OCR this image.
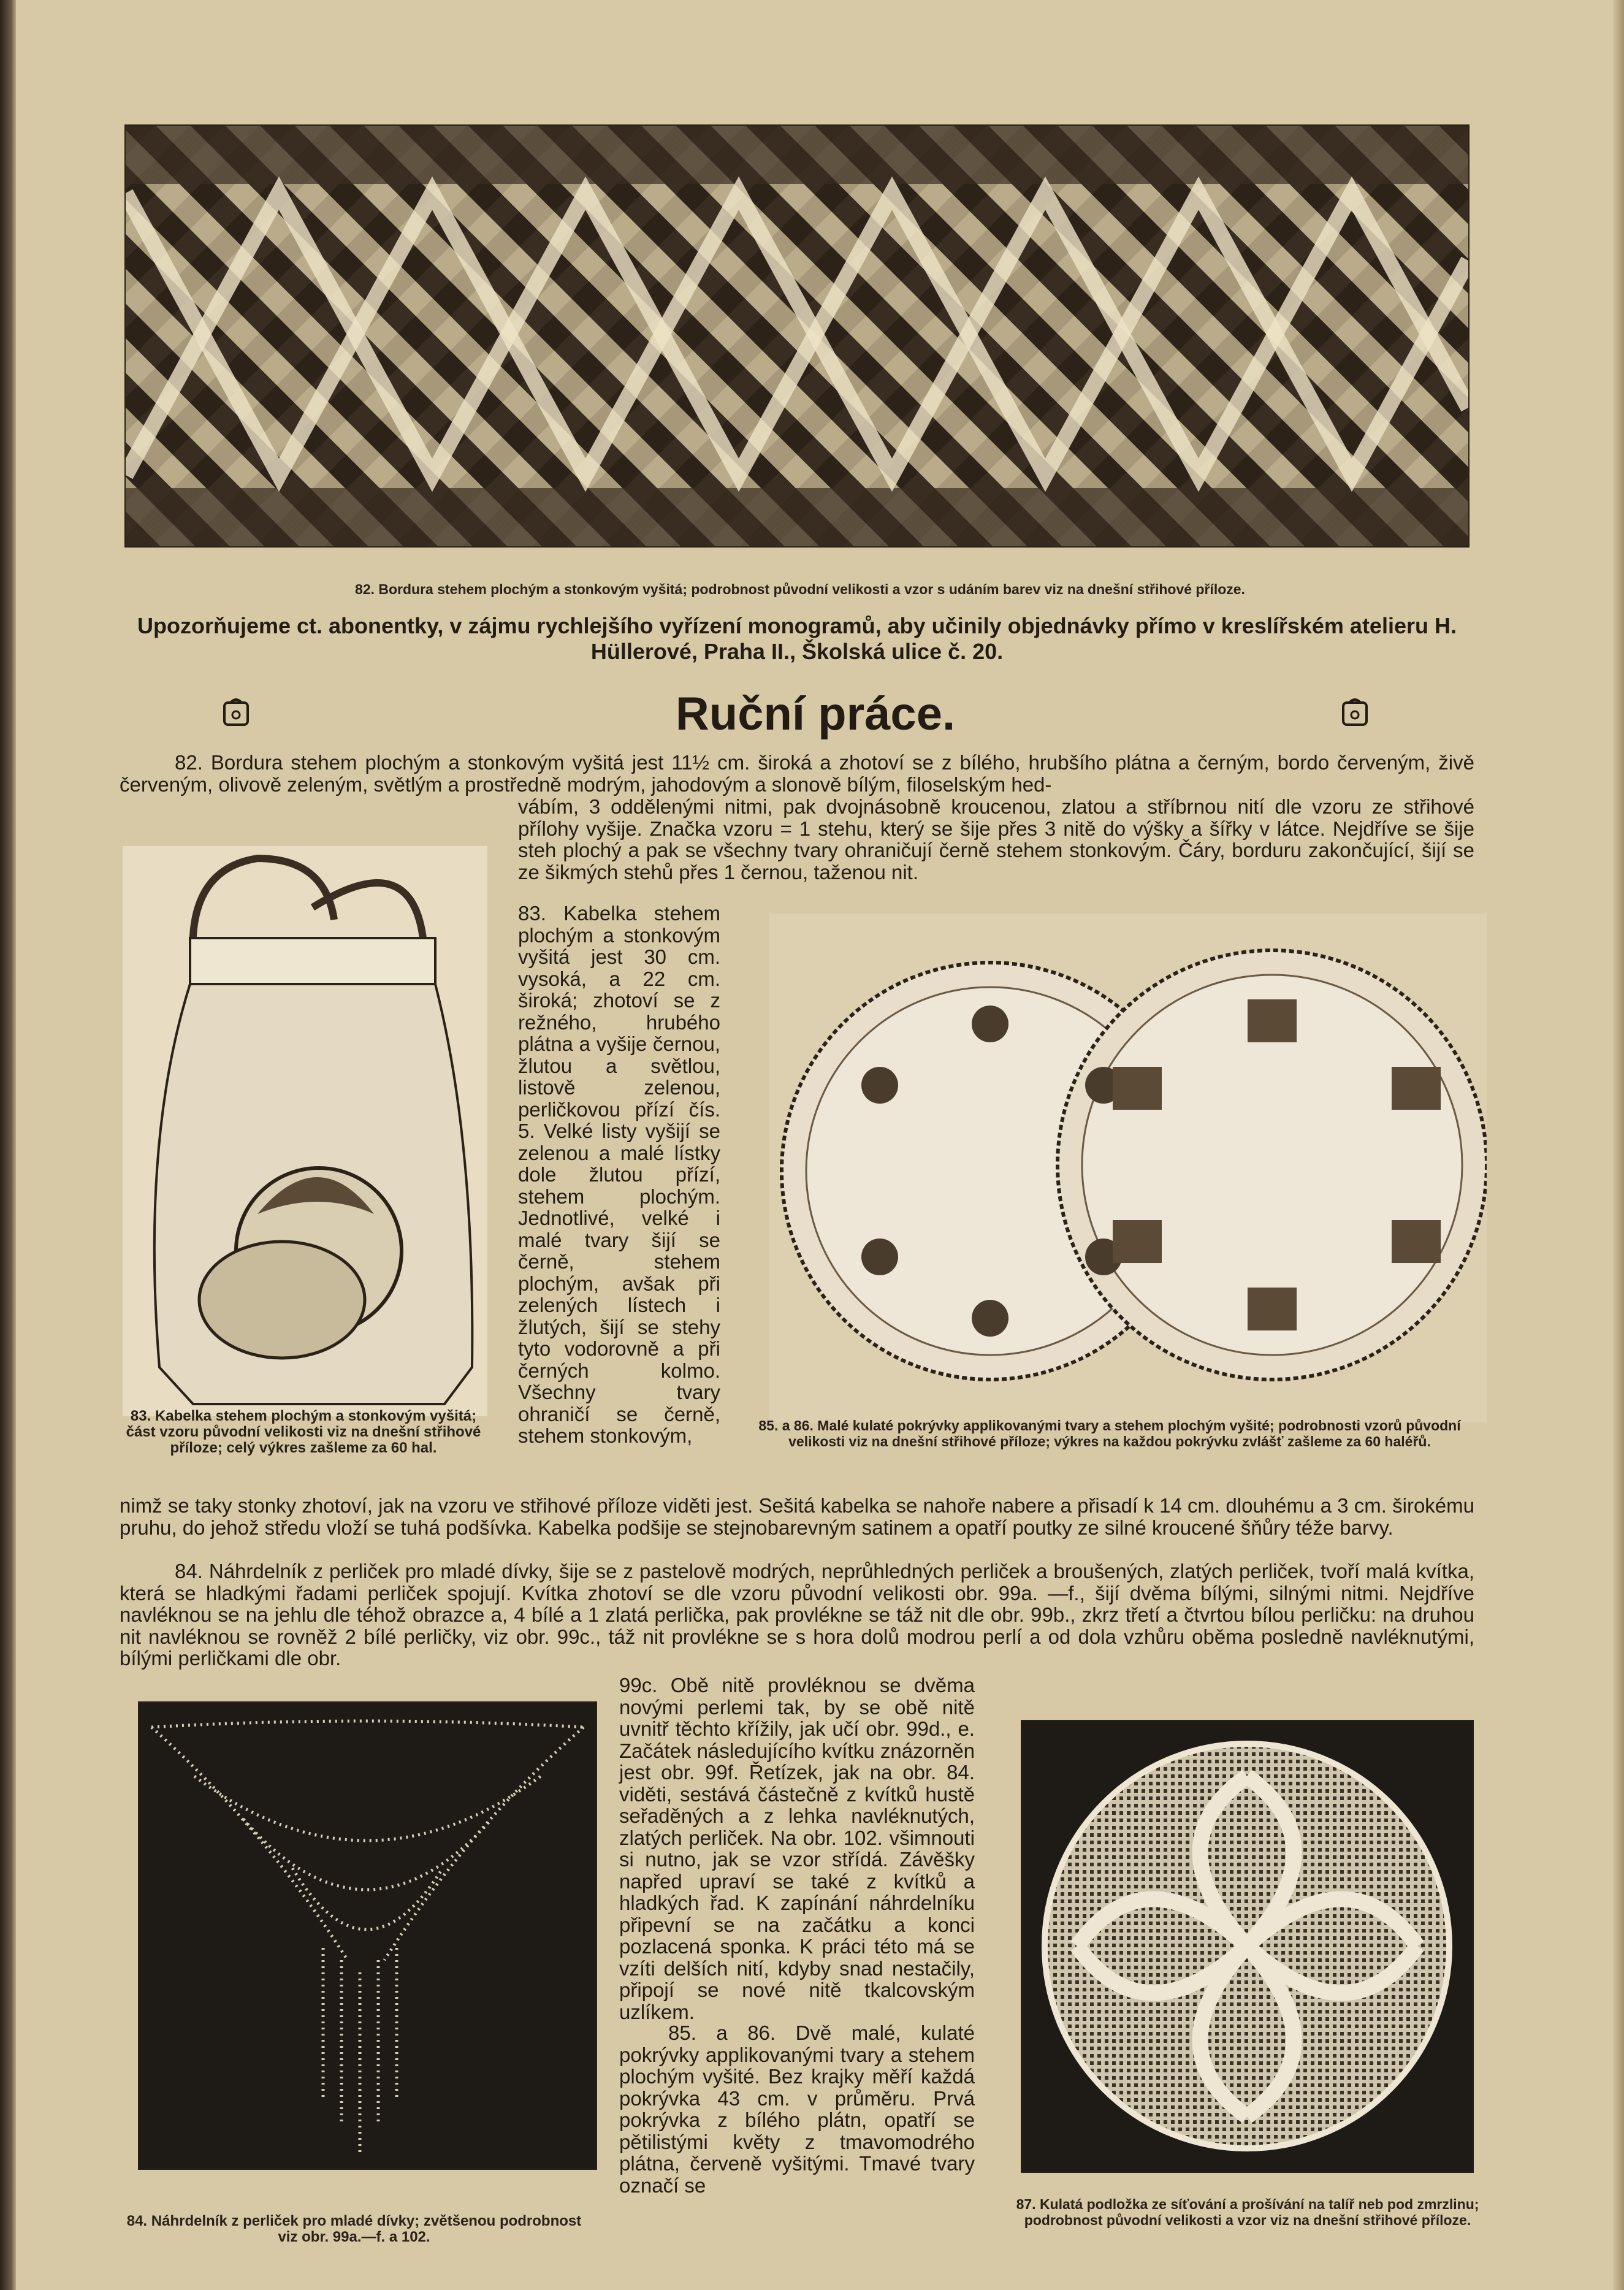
82. Bordura stehem plochým a stonkovým vyšitá; podrobnost původní velikosti a vzor s udáním barev viz na dnešní střihové příloze.
Upozorňujeme ct. abonentky, v zájmu rychlejšího vyřízení monogramů, aby učinily objednávky přímo v kreslířském atelieru H. Hüllerové, Praha II., Školská ulice č. 20.
Ruční práce.
82. Bordura stehem plochým a stonkovým vyšitá jest 11½ cm. široká a zhotoví se z bílého, hrubšího plátna a černým, bordo červeným, živě červeným, olivově zeleným, světlým a prostředně modrým, jahodovým a slonově bílým, filoselským hed-
vábím, 3 oddělenými nitmi, pak dvojnásobně kroucenou, zlatou a stříbrnou nití dle vzoru ze střihové přílohy vyšije. Značka vzoru = 1 stehu, který se šije přes 3 nitě do výšky a šířky v látce. Nejdříve se šije steh plochý a pak se všechny tvary ohraničují černě stehem stonkovým. Čáry, borduru zakončující, šijí se ze šikmých stehů přes 1 černou, taženou nit.
83. Kabelka stehem plochým a stonkovým vyšitá; část vzoru původní velikosti viz na dnešní střihové příloze; celý výkres zašleme za 60 hal.
83. Kabelka stehem plochým a stonkovým vyšitá jest 30 cm. vysoká, a 22 cm. široká; zhotoví se z režného, hrubého plátna a vyšije černou, žlutou a světlou, listově zelenou, perličkovou přízí čís. 5. Velké listy vyšijí se zelenou a malé lístky dole žlutou přízí, stehem plochým. Jednotlivé, velké i malé tvary šijí se černě, stehem plochým, avšak při zelených lístech i žlutých, šijí se stehy tyto vodorovně a při černých kolmo. Všechny tvary ohraničí se černě, stehem stonkovým,	85. a 86. Malé kulaté pokrývky applikovanými tvary a stehem plochým vyšité; podrobnosti vzorů původní velikosti viz na dnešní střihové příloze; výkres na každou pokrývku zvlášť zašleme za 60 haléřů.
nimž se taky stonky zhotoví, jak na vzoru ve střihové příloze viděti jest. Sešitá kabelka se nahoře nabere a přisadí k 14 cm. dlouhému a 3 cm. širokému pruhu, do jehož středu vloží se tuhá podšívka. Kabelka podšije se stejnobarevným satinem a opatří poutky ze silné kroucené šňůry téže barvy.
84. Náhrdelník z perliček pro mladé dívky, šije se z pastelově modrých, neprůhledných perliček a broušených, zlatých perliček, tvoří malá kvítka, která se hladkými řadami perliček spojují. Kvítka zhotoví se dle vzoru původní velikosti obr. 99a. —f., šijí dvěma bílými, silnými nitmi. Nejdříve navléknou se na jehlu dle téhož obrazce a, 4 bílé a 1 zlatá perlička, pak provlékne se táž nit dle obr. 99b., zkrz třetí a čtvrtou bílou perličku: na druhou nit navléknou se rovněž 2 bílé perličky, viz obr. 99c., táž nit provlékne se s hora dolů modrou perlí a od dola vzhůru oběma posledně navléknutými, bílými perličkami dle obr.
84. Náhrdelník z perliček pro mladé dívky; zvětšenou podrobnost viz obr. 99a.—f. a 102.
99c. Obě nitě provléknou se dvěma novými perlemi tak, by se obě nitě uvnitř těchto křížily, jak učí obr. 99d., e. Začátek následujícího kvítku znázorněn jest obr. 99f. Řetízek, jak na obr. 84. viděti, sestává částečně z kvítků hustě seřaděných a z lehka navléknutých, zlatých perliček. Na obr. 102. všimnouti si nutno, jak se vzor střídá. Závěšky napřed upraví se také z kvítků a hladkých řad. K zapínání náhrdelníku připevní se na začátku a konci pozlacená sponka. K práci této má se vzíti delších nití, kdyby snad nestačily, připojí se nové nitě tkalcovským uzlíkem.
85. a 86. Dvě malé, kulaté pokrývky applikovanými tvary a stehem plochým vyšité. Bez krajky měří každá pokrývka 43 cm. v průměru. Prvá pokrývka z bílého plátn, opatří se pětilistými květy z tmavomodrého plátna, červeně vyšitými. Tmavé tvary označí se
87. Kulatá podložka ze síťování a prošívání na talíř neb pod zmrzlinu; podrobnost původní velikosti a vzor viz na dnešní střihové příloze.
